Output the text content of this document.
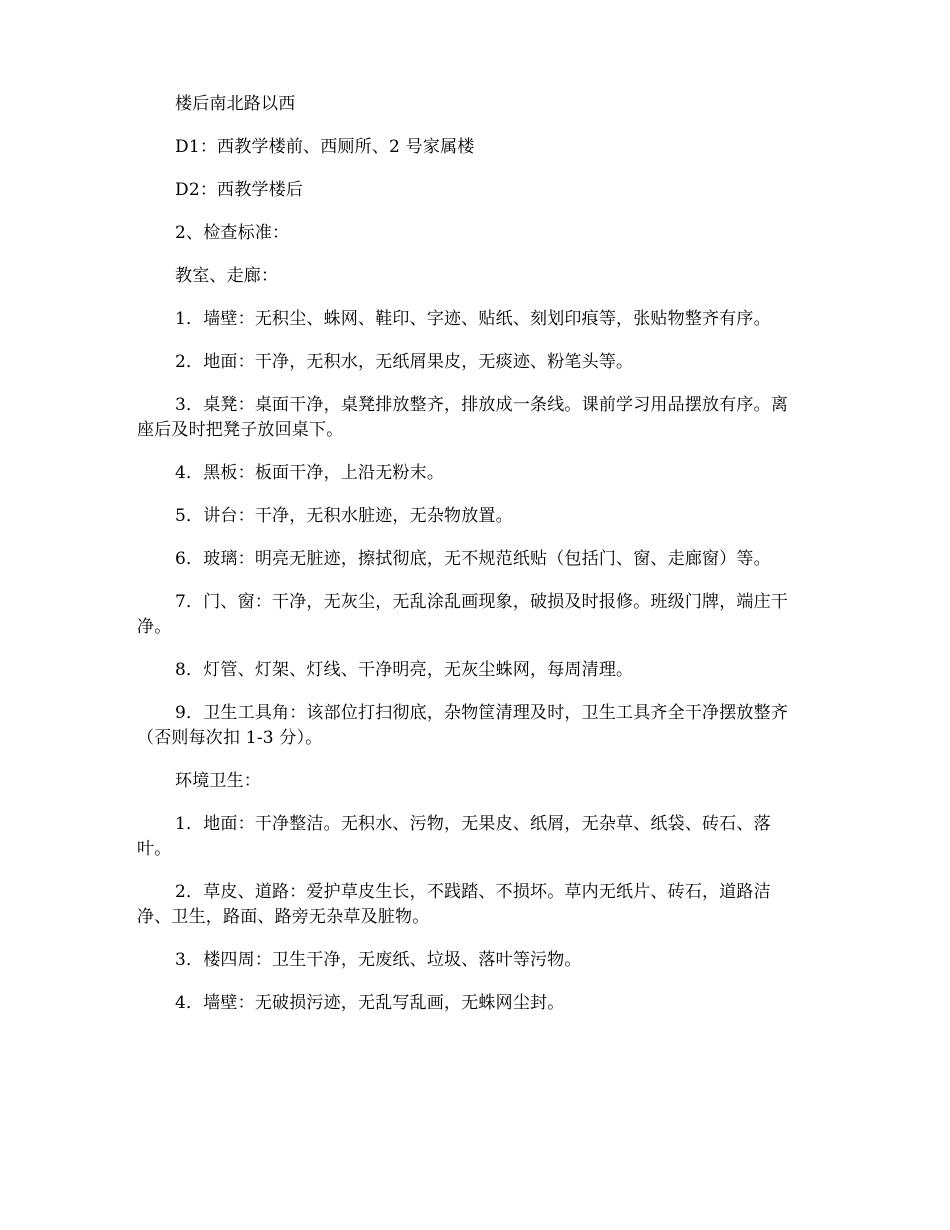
楼后南北路以西

D1：西教学楼前、西厕所、2 号家属楼

D2：西教学楼后

2、检查标准：

教室、走廊：

1．墙壁：无积尘、蛛网、鞋印、字迹、贴纸、刻划印痕等，张贴物整齐有序。

2．地面：干净，无积水，无纸屑果皮，无痰迹、粉笔头等。

3．桌凳：桌面干净，桌凳排放整齐，排放成一条线。课前学习用品摆放有序。离座后及时把凳子放回桌下。

4．黑板：板面干净，上沿无粉末。

5．讲台：干净，无积水脏迹，无杂物放置。

6．玻璃：明亮无脏迹，擦拭彻底，无不规范纸贴（包括门、窗、走廊窗）等。

7．门、窗：干净，无灰尘，无乱涂乱画现象，破损及时报修。班级门牌，端庄干净。

8．灯管、灯架、灯线、干净明亮，无灰尘蛛网，每周清理。

9．卫生工具角：该部位打扫彻底，杂物筐清理及时，卫生工具齐全干净摆放整齐（否则每次扣 1-3 分）。

环境卫生：

1．地面：干净整洁。无积水、污物，无果皮、纸屑，无杂草、纸袋、砖石、落叶。

2．草皮、道路：爱护草皮生长，不践踏、不损坏。草内无纸片、砖石，道路洁净、卫生，路面、路旁无杂草及脏物。

3．楼四周：卫生干净，无废纸、垃圾、落叶等污物。

4．墙壁：无破损污迹，无乱写乱画，无蛛网尘封。
